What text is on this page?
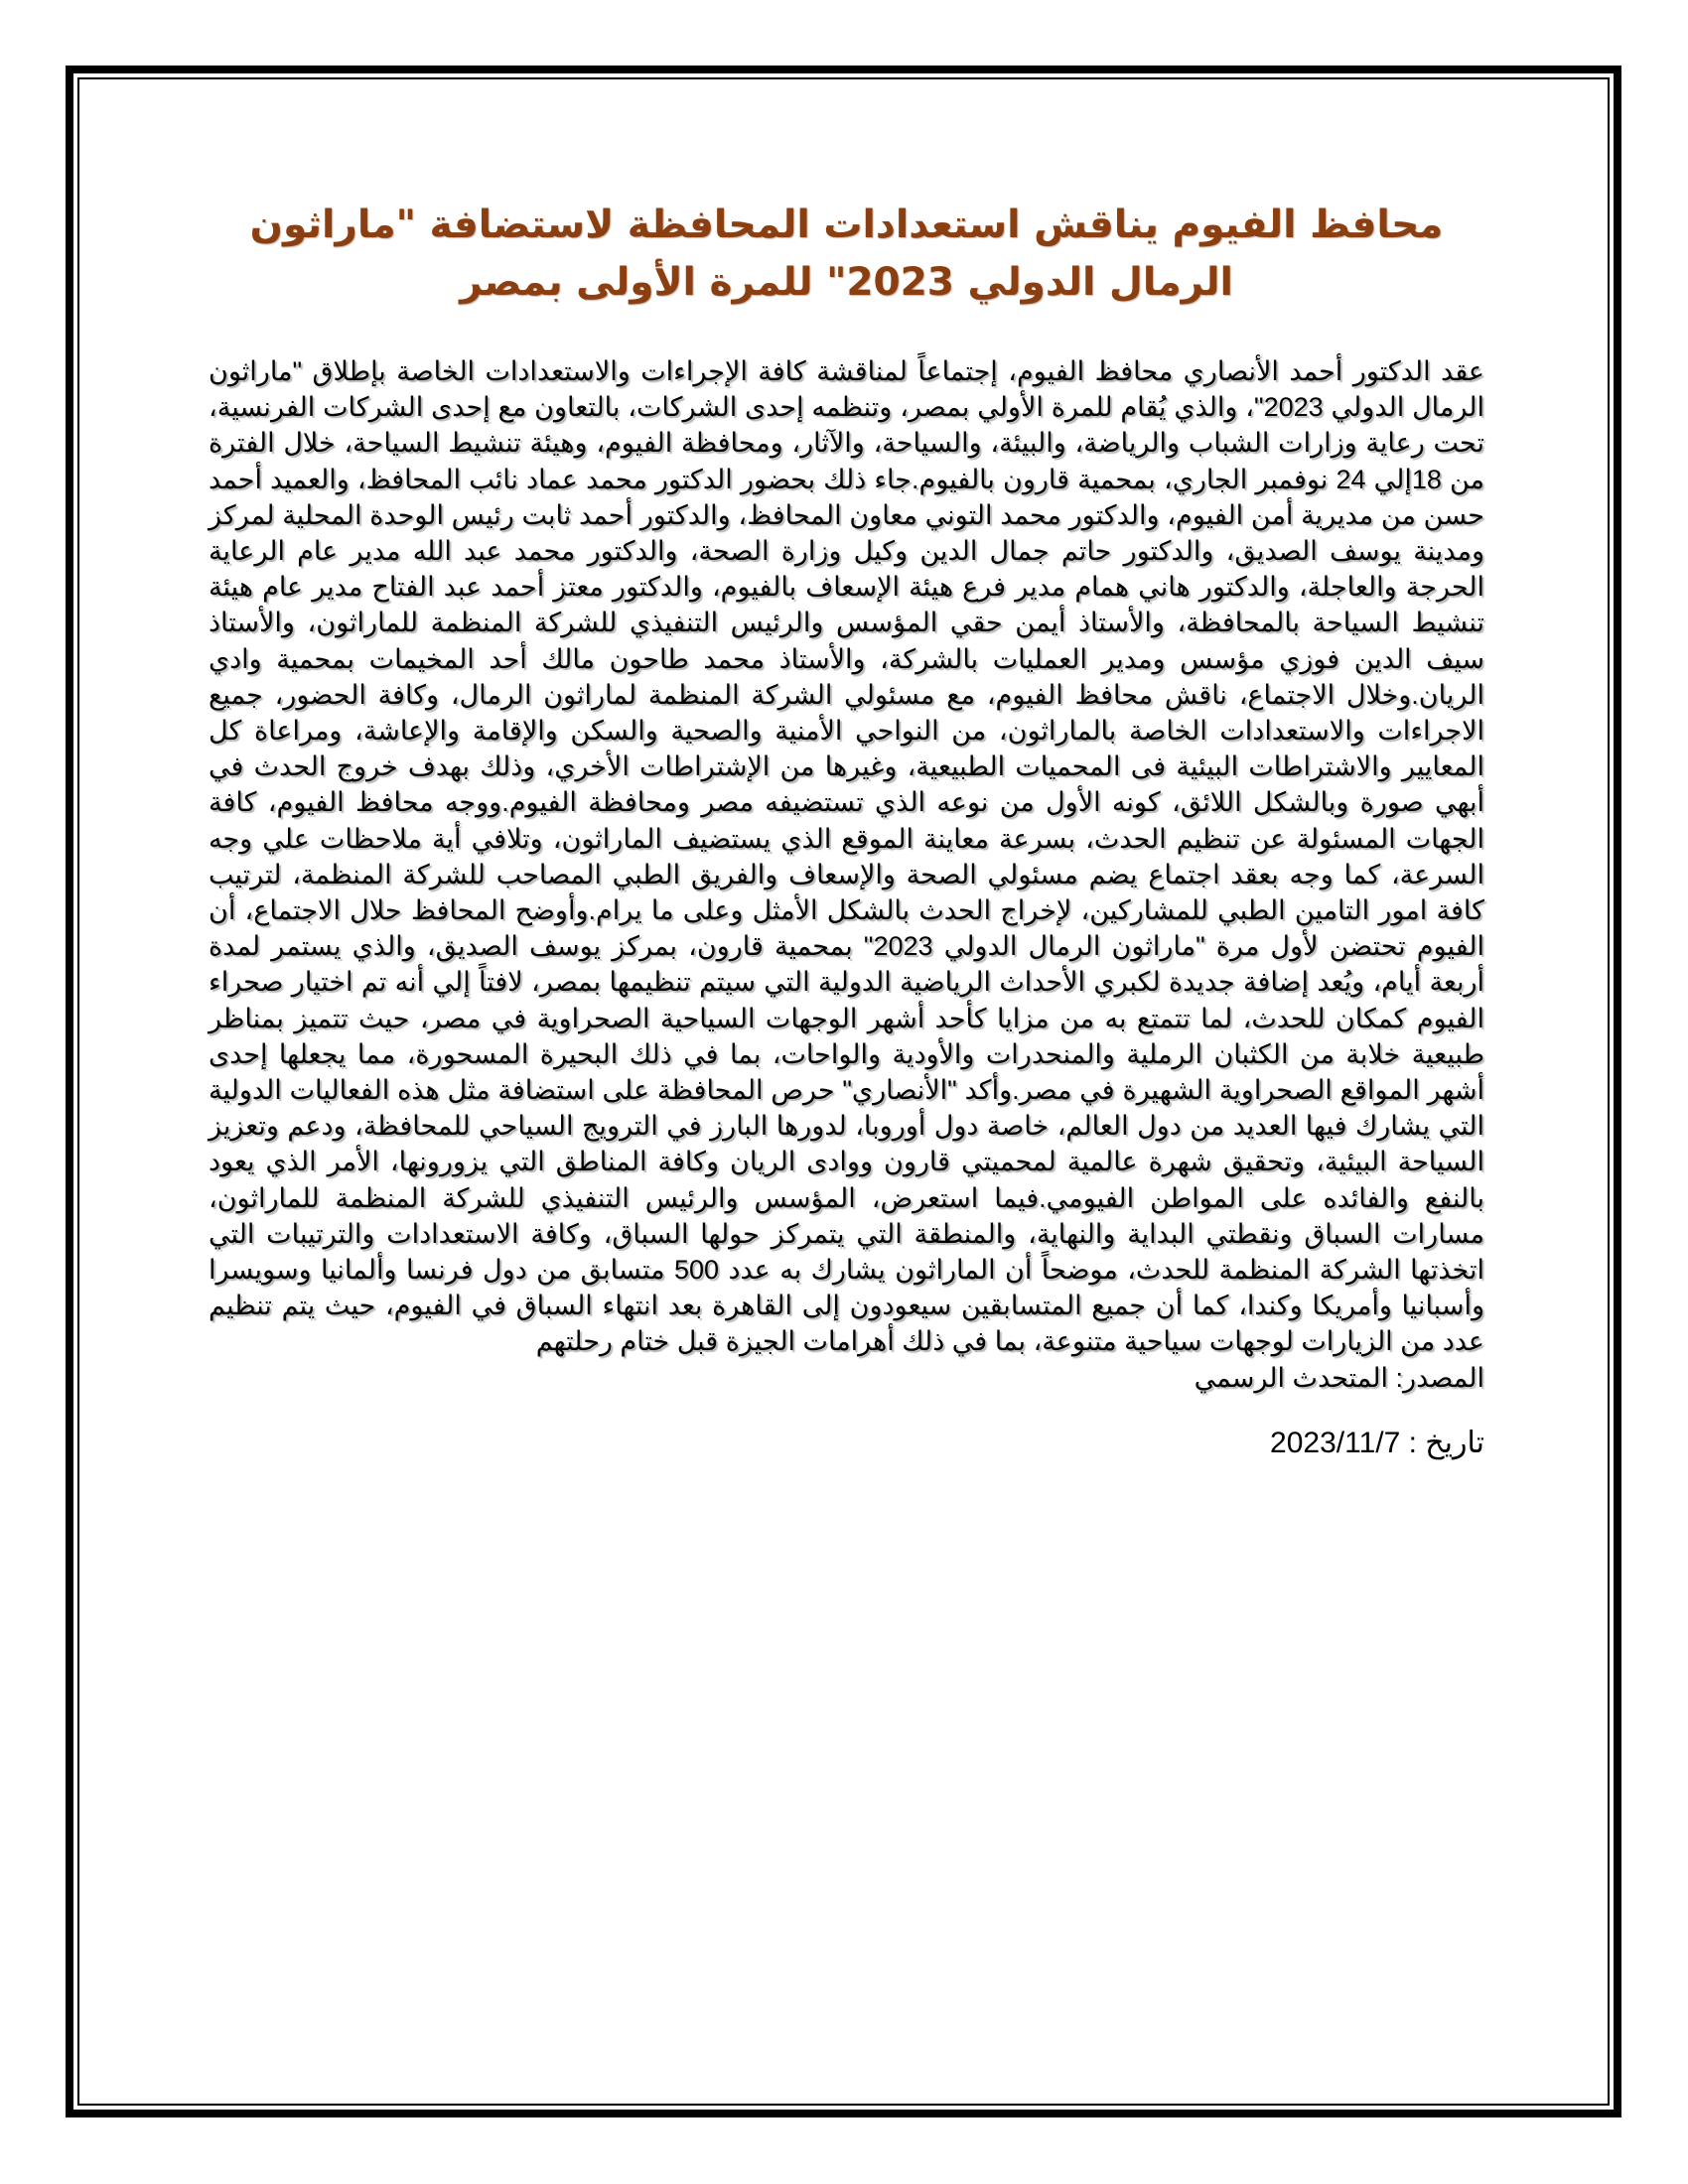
محافظ الفيوم يناقش استعدادات المحافظة لاستضافة "ماراثون الرمال الدولي 2023" للمرة الأولى بمصر

عقد الدكتور أحمد الأنصاري محافظ الفيوم، إجتماعاً لمناقشة كافة الإجراءات والاستعدادات الخاصة بإطلاق "ماراثون الرمال الدولي 2023"، والذي يُقام للمرة الأولي بمصر، وتنظمه إحدى الشركات، بالتعاون مع إحدى الشركات الفرنسية، تحت رعاية وزارات الشباب والرياضة، والبيئة، والسياحة، والآثار، ومحافظة الفيوم، وهيئة تنشيط السياحة، خلال الفترة من 18إلي 24 نوفمبر الجاري، بمحمية قارون بالفيوم.جاء ذلك بحضور الدكتور محمد عماد نائب المحافظ، والعميد أحمد حسن من مديرية أمن الفيوم، والدكتور محمد التوني معاون المحافظ، والدكتور أحمد ثابت رئيس الوحدة المحلية لمركز ومدينة يوسف الصديق، والدكتور حاتم جمال الدين وكيل وزارة الصحة، والدكتور محمد عبد الله مدير عام الرعاية الحرجة والعاجلة، والدكتور هاني همام مدير فرع هيئة الإسعاف بالفيوم، والدكتور معتز أحمد عبد الفتاح مدير عام هيئة تنشيط السياحة بالمحافظة، والأستاذ أيمن حقي المؤسس والرئيس التنفيذي للشركة المنظمة للماراثون، والأستاذ سيف الدين فوزي مؤسس ومدير العمليات بالشركة، والأستاذ محمد طاحون مالك أحد المخيمات بمحمية وادي الريان.وخلال الاجتماع، ناقش محافظ الفيوم، مع مسئولي الشركة المنظمة لماراثون الرمال، وكافة الحضور، جميع الاجراءات والاستعدادات الخاصة بالماراثون، من النواحي الأمنية والصحية والسكن والإقامة والإعاشة، ومراعاة كل المعايير والاشتراطات البيئية فى المحميات الطبيعية، وغيرها من الإشتراطات الأخري، وذلك بهدف خروج الحدث في أبهي صورة وبالشكل اللائق، كونه الأول من نوعه الذي تستضيفه مصر ومحافظة الفيوم.ووجه محافظ الفيوم، كافة الجهات المسئولة عن تنظيم الحدث، بسرعة معاينة الموقع الذي يستضيف الماراثون، وتلافي أية ملاحظات علي وجه السرعة، كما وجه بعقد اجتماع يضم مسئولي الصحة والإسعاف والفريق الطبي المصاحب للشركة المنظمة، لترتيب كافة امور التامين الطبي للمشاركين، لإخراج الحدث بالشكل الأمثل وعلى ما يرام.وأوضح المحافظ حلال الاجتماع، أن الفيوم تحتضن لأول مرة "ماراثون الرمال الدولي 2023" بمحمية قارون، بمركز يوسف الصديق، والذي يستمر لمدة أربعة أيام، ويُعد إضافة جديدة لكبري الأحداث الرياضية الدولية التي سيتم تنظيمها بمصر، لافتاً إلي أنه تم اختيار صحراء الفيوم كمكان للحدث، لما تتمتع به من مزايا كأحد أشهر الوجهات السياحية الصحراوية في مصر، حيث تتميز بمناظر طبيعية خلابة من الكثبان الرملية والمنحدرات والأودية والواحات، بما في ذلك البحيرة المسحورة، مما يجعلها إحدى أشهر المواقع الصحراوية الشهيرة في مصر.وأكد "الأنصاري" حرص المحافظة على استضافة مثل هذه الفعاليات الدولية التي يشارك فيها العديد من دول العالم، خاصة دول أوروبا، لدورها البارز في الترويج السياحي للمحافظة، ودعم وتعزيز السياحة البيئية، وتحقيق شهرة عالمية لمحميتي قارون ووادى الريان وكافة المناطق التي يزورونها، الأمر الذي يعود بالنفع والفائده على المواطن الفيومي.فيما استعرض، المؤسس والرئيس التنفيذي للشركة المنظمة للماراثون، مسارات السباق ونقطتي البداية والنهاية، والمنطقة التي يتمركز حولها السباق، وكافة الاستعدادات والترتيبات التي اتخذتها الشركة المنظمة للحدث، موضحاً أن الماراثون يشارك به عدد 500 متسابق من دول فرنسا وألمانيا وسويسرا وأسبانيا وأمريكا وكندا، كما أن جميع المتسابقين سيعودون إلى القاهرة بعد انتهاء السباق في الفيوم، حيث يتم تنظيم عدد من الزيارات لوجهات سياحية متنوعة، بما في ذلك أهرامات الجيزة قبل ختام رحلتهم

المصدر: المتحدث الرسمي
تاريخ : 2023/11/7
